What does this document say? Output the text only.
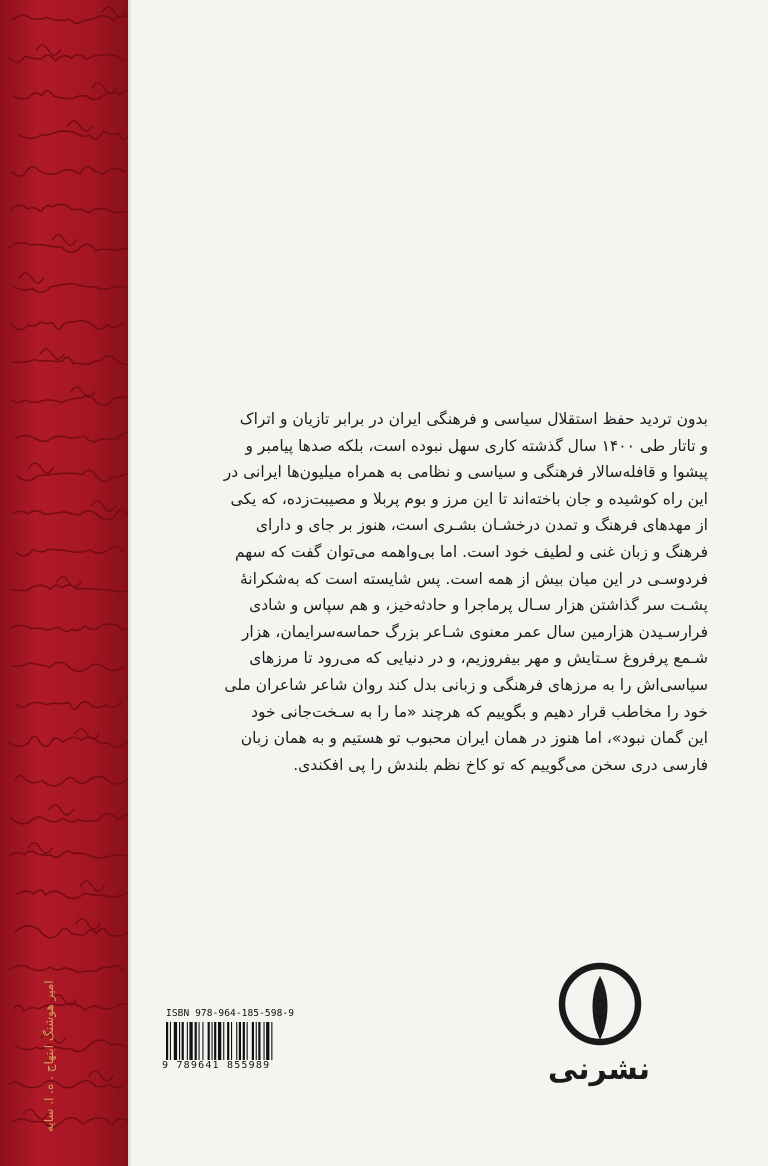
امير هوشنگ ابتهاج . ه. ا. سايه

بدون تردید حفظ استقلال سیاسی و فرهنگی ایران در برابر تازیان و اتراک

و تاتار طی ۱۴۰۰ سال گذشته کاری سهل نبوده است، بلکه صدها پیامبر و

پیشوا و قافله‌سالار فرهنگی و سیاسی و نظامی به همراه میلیون‌ها ایرانی در

این راه کوشیده و جان باخته‌اند تا این مرز و بوم پربلا و مصیبت‌زده، که یکی

از مهدهای فرهنگ و تمدن درخشـان بشـری است، هنوز بر جای و دارای

فرهنگ و زبان غنی و لطیف خود است. اما بی‌واهمه می‌توان گفت که سهم

فردوسـی در این میان بیش از همه است. پس شایسته است که به‌شکرانهٔ

پشـت سر گذاشتن هزار سـال پرماجرا و حادثه‌خیز، و هم سپاس و شادی

فرارسـیدن هزارمین سال عمر معنوی شـاعر بزرگ حماسه‌سرایمان، هزار

شـمع پرفروغ سـتایش و مهر بیفروزیم، و در دنیایی که می‌رود تا مرزهای

سیاسی‌اش را به مرزهای فرهنگی و زبانی بدل کند روان شاعر شاعران ملی

خود را مخاطب قرار دهیم و بگوییم که هرچند «ما را به سـخت‌جانی خود

این گمان نبود»، اما هنوز در همان ایران محبوب تو هستیم و به همان زبان

فارسی دری سخن می‌گوییم که تو کاخ نظم بلندش را پی افکندی.

ISBN 978-964-185-598-9
9 789641 855989	نشرنی
